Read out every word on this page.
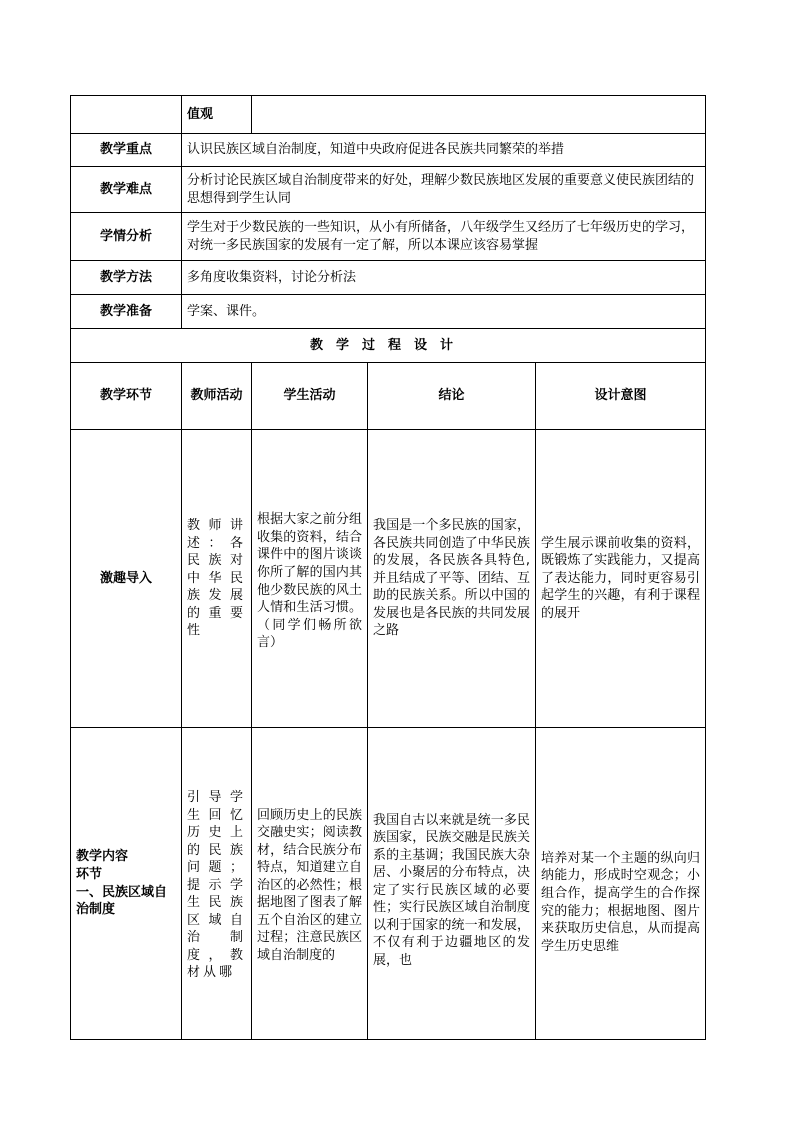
	值观			
教学重点	认识民族区域自治制度，知道中央政府促进各民族共同繁荣的举措			
教学难点	分析讨论民族区域自治制度带来的好处，理解少数民族地区发展的重要意义使民族团结的思想得到学生认同			
学情分析	学生对于少数民族的一些知识，从小有所储备，八年级学生又经历了七年级历史的学习，对统一多民族国家的发展有一定了解，所以本课应该容易掌握			
教学方法	多角度收集资料，讨论分析法			
教学准备	学案、课件。			
教学过程设计				
教学环节	教师活动	学生活动	结论	设计意图
激趣导入	教师讲述：各民族对中华民族发展的重要性	根据大家之前分组收集的资料，结合课件中的图片谈谈你所了解的国内其他少数民族的风土人情和生活习惯。（同学们畅所欲言）	我国是一个多民族的国家，各民族共同创造了中华民族的发展，各民族各具特色,并且结成了平等、团结、互助的民族关系。所以中国的发展也是各民族的共同发展之路	学生展示课前收集的资料，既锻炼了实践能力，又提高了表达能力，同时更容易引起学生的兴趣，有利于课程的展开

教学内容
环节
一、民族区域自治制度	引导学生回忆历史上的民族问题；提示学生民族区域自治制度，教材从哪	回顾历史上的民族交融史实；阅读教材，结合民族分布特点，知道建立自治区的必然性；根据地图了图表了解五个自治区的建立过程；注意民族区域自治制度的	我国自古以来就是统一多民族国家，民族交融是民族关系的主基调；我国民族大杂居、小聚居的分布特点，决定了实行民族区域的必要性；实行民族区域自治制度以利于国家的统一和发展，不仅有利于边疆地区的发展，也	培养对某一个主题的纵向归纳能力，形成时空观念；小组合作，提高学生的合作探究的能力；根据地图、图片来获取历史信息，从而提高学生历史思维
